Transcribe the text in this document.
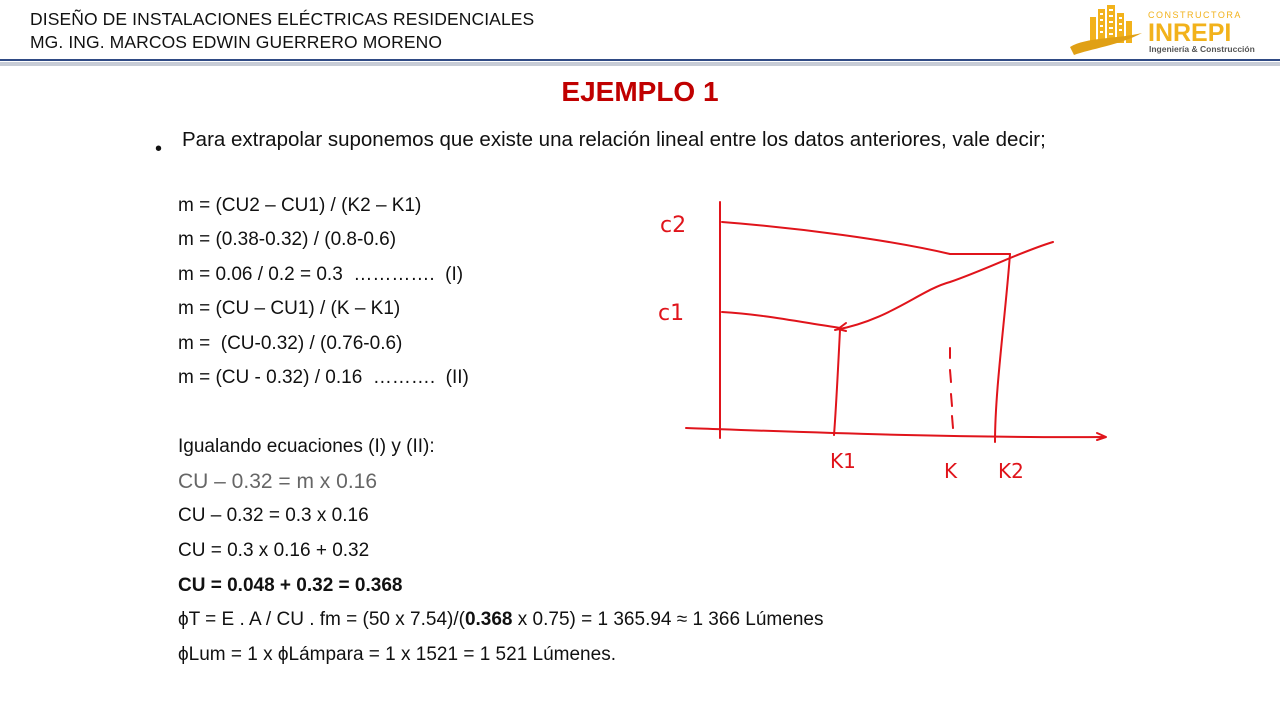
DISEÑO DE INSTALACIONES ELÉCTRICAS RESIDENCIALES
MG. ING. MARCOS EDWIN GUERRERO MORENO
CONSTRUCTORA
INREPI
Ingeniería & Construcción
EJEMPLO 1
• Para extrapolar suponemos que existe una relación lineal entre los datos anteriores, vale decir;
m = (CU2 – CU1) / (K2 – K1)
m = (0.38-0.32) / (0.8-0.6)
m = 0.06 / 0.2 = 0.3  ………….  (I)
m = (CU – CU1) / (K – K1)
m =  (CU-0.32) / (0.76-0.6)
m = (CU - 0.32) / 0.16  ……….  (II)
Igualando ecuaciones (I) y (II):
CU – 0.32 = m x 0.16
CU – 0.32 = 0.3 x 0.16
CU = 0.3 x 0.16 + 0.32
CU = 0.048 + 0.32 = 0.368
ϕT = E . A / CU . fm = (50 x 7.54)/(0.368 x 0.75) = 1 365.94 ≈ 1 366 Lúmenes
ϕLum = 1 x ϕLámpara = 1 x 1521 = 1 521 Lúmenes.
c2
c1
K1	K K2
